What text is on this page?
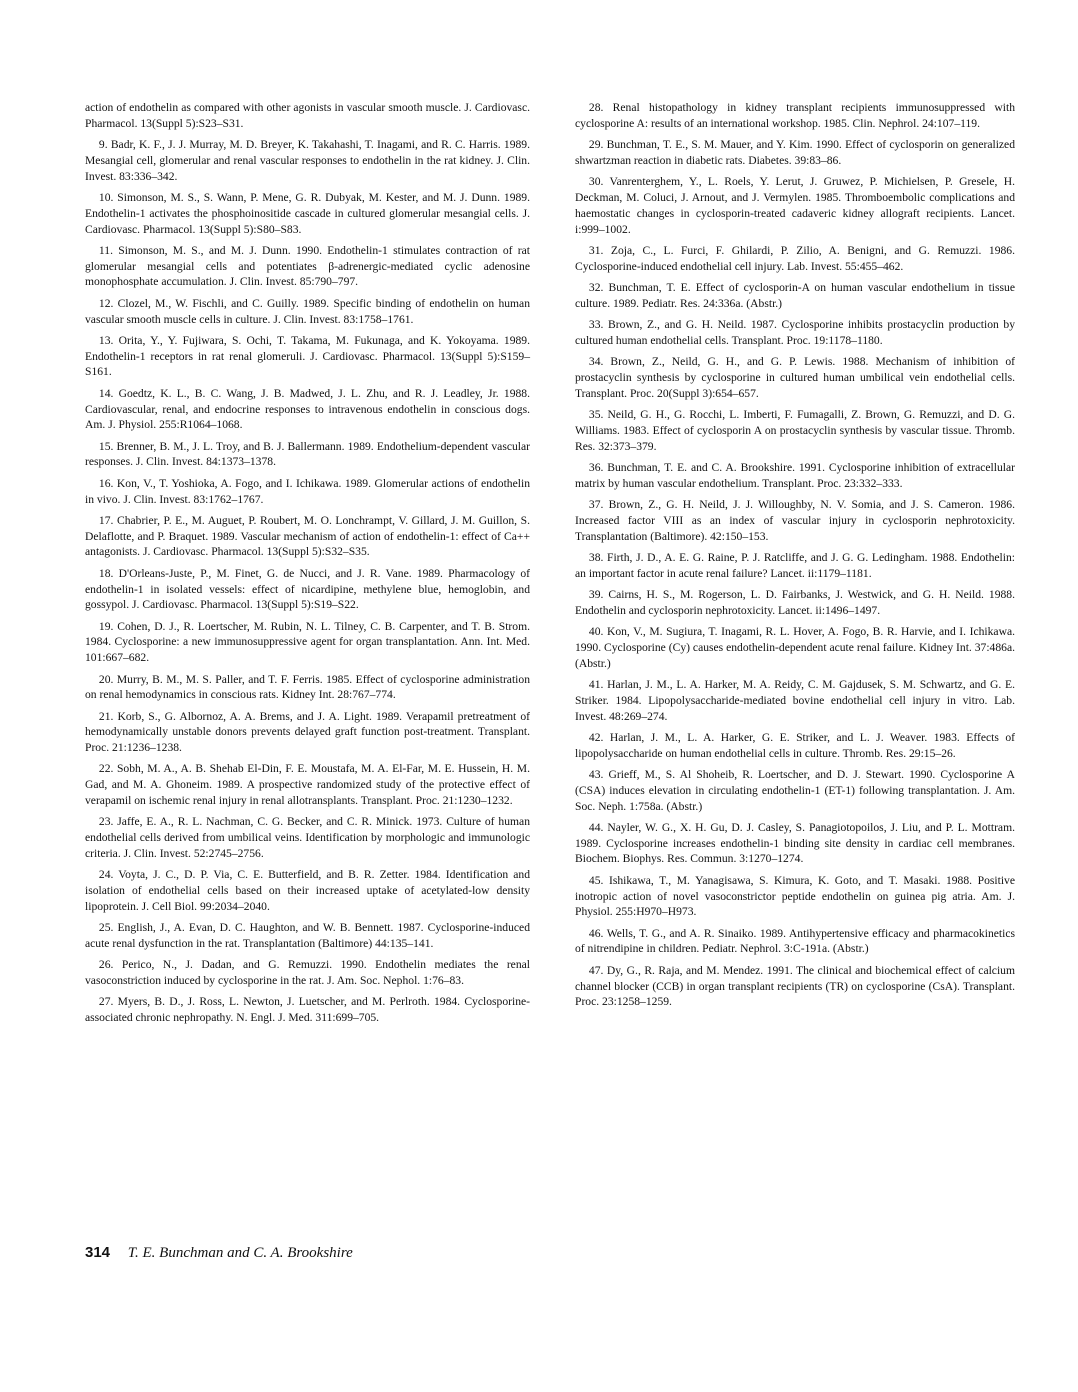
action of endothelin as compared with other agonists in vascular smooth muscle. J. Cardiovasc. Pharmacol. 13(Suppl 5):S23–S31.

9. Badr, K. F., J. J. Murray, M. D. Breyer, K. Takahashi, T. Inagami, and R. C. Harris. 1989. Mesangial cell, glomerular and renal vascular responses to endothelin in the rat kidney. J. Clin. Invest. 83:336–342.

10. Simonson, M. S., S. Wann, P. Mene, G. R. Dubyak, M. Kester, and M. J. Dunn. 1989. Endothelin-1 activates the phosphoinositide cascade in cultured glomerular mesangial cells. J. Cardiovasc. Pharmacol. 13(Suppl 5):S80–S83.

11. Simonson, M. S., and M. J. Dunn. 1990. Endothelin-1 stimulates contraction of rat glomerular mesangial cells and potentiates β-adrenergic-mediated cyclic adenosine monophosphate accumulation. J. Clin. Invest. 85:790–797.

12. Clozel, M., W. Fischli, and C. Guilly. 1989. Specific binding of endothelin on human vascular smooth muscle cells in culture. J. Clin. Invest. 83:1758–1761.

13. Orita, Y., Y. Fujiwara, S. Ochi, T. Takama, M. Fukunaga, and K. Yokoyama. 1989. Endothelin-1 receptors in rat renal glomeruli. J. Cardiovasc. Pharmacol. 13(Suppl 5):S159–S161.

14. Goedtz, K. L., B. C. Wang, J. B. Madwed, J. L. Zhu, and R. J. Leadley, Jr. 1988. Cardiovascular, renal, and endocrine responses to intravenous endothelin in conscious dogs. Am. J. Physiol. 255:R1064–1068.

15. Brenner, B. M., J. L. Troy, and B. J. Ballermann. 1989. Endothelium-dependent vascular responses. J. Clin. Invest. 84:1373–1378.

16. Kon, V., T. Yoshioka, A. Fogo, and I. Ichikawa. 1989. Glomerular actions of endothelin in vivo. J. Clin. Invest. 83:1762–1767.

17. Chabrier, P. E., M. Auguet, P. Roubert, M. O. Lonchrampt, V. Gillard, J. M. Guillon, S. Delaflotte, and P. Braquet. 1989. Vascular mechanism of action of endothelin-1: effect of Ca++ antagonists. J. Cardiovasc. Pharmacol. 13(Suppl 5):S32–S35.

18. D'Orleans-Juste, P., M. Finet, G. de Nucci, and J. R. Vane. 1989. Pharmacology of endothelin-1 in isolated vessels: effect of nicardipine, methylene blue, hemoglobin, and gossypol. J. Cardiovasc. Pharmacol. 13(Suppl 5):S19–S22.

19. Cohen, D. J., R. Loertscher, M. Rubin, N. L. Tilney, C. B. Carpenter, and T. B. Strom. 1984. Cyclosporine: a new immunosuppressive agent for organ transplantation. Ann. Int. Med. 101:667–682.

20. Murry, B. M., M. S. Paller, and T. F. Ferris. 1985. Effect of cyclosporine administration on renal hemodynamics in conscious rats. Kidney Int. 28:767–774.

21. Korb, S., G. Albornoz, A. A. Brems, and J. A. Light. 1989. Verapamil pretreatment of hemodynamically unstable donors prevents delayed graft function post-treatment. Transplant. Proc. 21:1236–1238.

22. Sobh, M. A., A. B. Shehab El-Din, F. E. Moustafa, M. A. El-Far, M. E. Hussein, H. M. Gad, and M. A. Ghoneim. 1989. A prospective randomized study of the protective effect of verapamil on ischemic renal injury in renal allotransplants. Transplant. Proc. 21:1230–1232.

23. Jaffe, E. A., R. L. Nachman, C. G. Becker, and C. R. Minick. 1973. Culture of human endothelial cells derived from umbilical veins. Identification by morphologic and immunologic criteria. J. Clin. Invest. 52:2745–2756.

24. Voyta, J. C., D. P. Via, C. E. Butterfield, and B. R. Zetter. 1984. Identification and isolation of endothelial cells based on their increased uptake of acetylated-low density lipoprotein. J. Cell Biol. 99:2034–2040.

25. English, J., A. Evan, D. C. Haughton, and W. B. Bennett. 1987. Cyclosporine-induced acute renal dysfunction in the rat. Transplantation (Baltimore) 44:135–141.

26. Perico, N., J. Dadan, and G. Remuzzi. 1990. Endothelin mediates the renal vasoconstriction induced by cyclosporine in the rat. J. Am. Soc. Nephol. 1:76–83.

27. Myers, B. D., J. Ross, L. Newton, J. Luetscher, and M. Perlroth. 1984. Cyclosporine-associated chronic nephropathy. N. Engl. J. Med. 311:699–705.

28. Renal histopathology in kidney transplant recipients immunosuppressed with cyclosporine A: results of an international workshop. 1985. Clin. Nephrol. 24:107–119.

29. Bunchman, T. E., S. M. Mauer, and Y. Kim. 1990. Effect of cyclosporin on generalized shwartzman reaction in diabetic rats. Diabetes. 39:83–86.

30. Vanrenterghem, Y., L. Roels, Y. Lerut, J. Gruwez, P. Michielsen, P. Gresele, H. Deckman, M. Coluci, J. Arnout, and J. Vermylen. 1985. Thromboembolic complications and haemostatic changes in cyclosporin-treated cadaveric kidney allograft recipients. Lancet. i:999–1002.

31. Zoja, C., L. Furci, F. Ghilardi, P. Zilio, A. Benigni, and G. Remuzzi. 1986. Cyclosporine-induced endothelial cell injury. Lab. Invest. 55:455–462.

32. Bunchman, T. E. Effect of cyclosporin-A on human vascular endothelium in tissue culture. 1989. Pediatr. Res. 24:336a. (Abstr.)

33. Brown, Z., and G. H. Neild. 1987. Cyclosporine inhibits prostacyclin production by cultured human endothelial cells. Transplant. Proc. 19:1178–1180.

34. Brown, Z., Neild, G. H., and G. P. Lewis. 1988. Mechanism of inhibition of prostacyclin synthesis by cyclosporine in cultured human umbilical vein endothelial cells. Transplant. Proc. 20(Suppl 3):654–657.

35. Neild, G. H., G. Rocchi, L. Imberti, F. Fumagalli, Z. Brown, G. Remuzzi, and D. G. Williams. 1983. Effect of cyclosporin A on prostacyclin synthesis by vascular tissue. Thromb. Res. 32:373–379.

36. Bunchman, T. E. and C. A. Brookshire. 1991. Cyclosporine inhibition of extracellular matrix by human vascular endothelium. Transplant. Proc. 23:332–333.

37. Brown, Z., G. H. Neild, J. J. Willoughby, N. V. Somia, and J. S. Cameron. 1986. Increased factor VIII as an index of vascular injury in cyclosporin nephrotoxicity. Transplantation (Baltimore). 42:150–153.

38. Firth, J. D., A. E. G. Raine, P. J. Ratcliffe, and J. G. G. Ledingham. 1988. Endothelin: an important factor in acute renal failure? Lancet. ii:1179–1181.

39. Cairns, H. S., M. Rogerson, L. D. Fairbanks, J. Westwick, and G. H. Neild. 1988. Endothelin and cyclosporin nephrotoxicity. Lancet. ii:1496–1497.

40. Kon, V., M. Sugiura, T. Inagami, R. L. Hover, A. Fogo, B. R. Harvie, and I. Ichikawa. 1990. Cyclosporine (Cy) causes endothelin-dependent acute renal failure. Kidney Int. 37:486a. (Abstr.)

41. Harlan, J. M., L. A. Harker, M. A. Reidy, C. M. Gajdusek, S. M. Schwartz, and G. E. Striker. 1984. Lipopolysaccharide-mediated bovine endothelial cell injury in vitro. Lab. Invest. 48:269–274.

42. Harlan, J. M., L. A. Harker, G. E. Striker, and L. J. Weaver. 1983. Effects of lipopolysaccharide on human endothelial cells in culture. Thromb. Res. 29:15–26.

43. Grieff, M., S. Al Shoheib, R. Loertscher, and D. J. Stewart. 1990. Cyclosporine A (CSA) induces elevation in circulating endothelin-1 (ET-1) following transplantation. J. Am. Soc. Neph. 1:758a. (Abstr.)

44. Nayler, W. G., X. H. Gu, D. J. Casley, S. Panagiotopoilos, J. Liu, and P. L. Mottram. 1989. Cyclosporine increases endothelin-1 binding site density in cardiac cell membranes. Biochem. Biophys. Res. Commun. 3:1270–1274.

45. Ishikawa, T., M. Yanagisawa, S. Kimura, K. Goto, and T. Masaki. 1988. Positive inotropic action of novel vasoconstrictor peptide endothelin on guinea pig atria. Am. J. Physiol. 255:H970–H973.

46. Wells, T. G., and A. R. Sinaiko. 1989. Antihypertensive efficacy and pharmacokinetics of nitrendipine in children. Pediatr. Nephrol. 3:C-191a. (Abstr.)

47. Dy, G., R. Raja, and M. Mendez. 1991. The clinical and biochemical effect of calcium channel blocker (CCB) in organ transplant recipients (TR) on cyclosporine (CsA). Transplant. Proc. 23:1258–1259.

314 T. E. Bunchman and C. A. Brookshire
